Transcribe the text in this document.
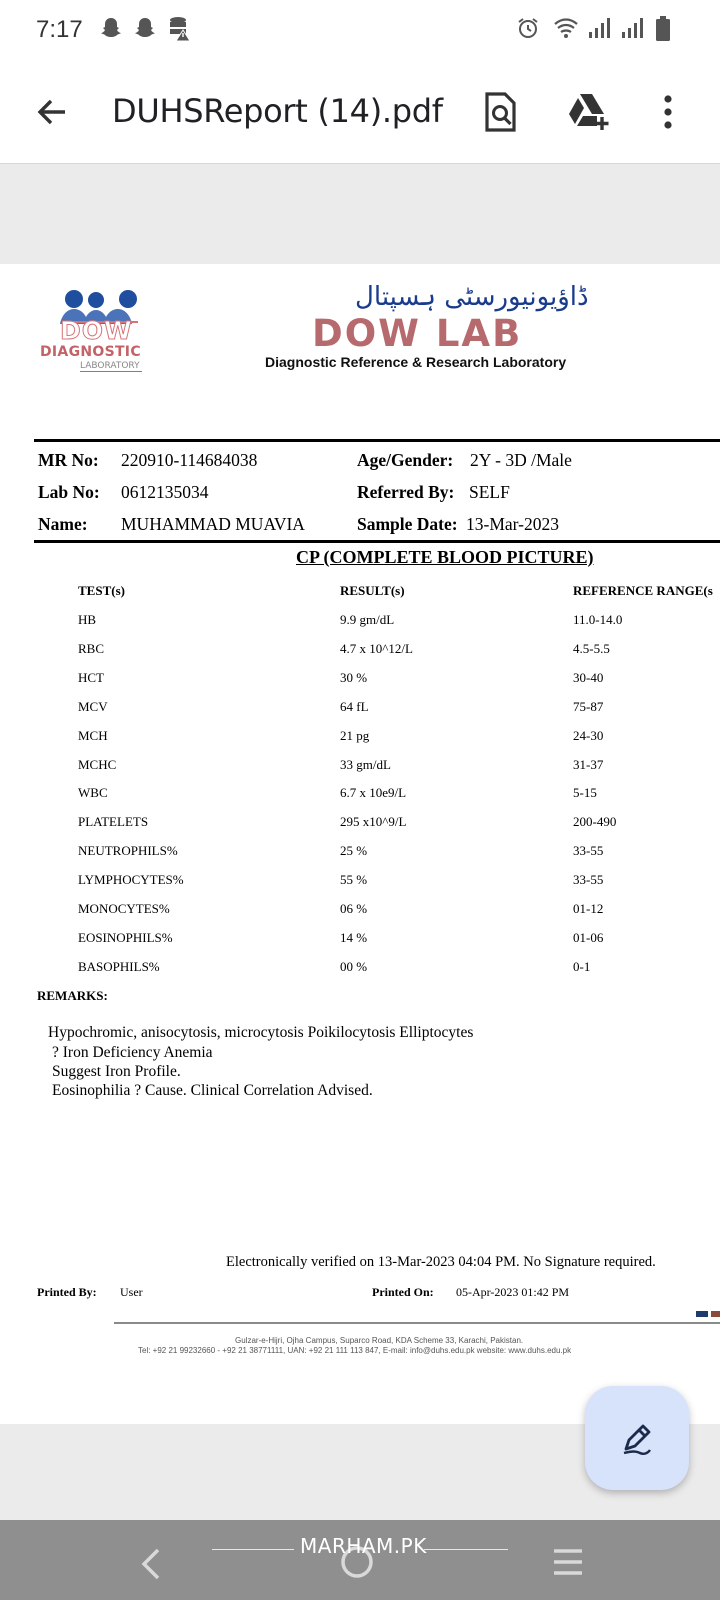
7:17
DUHSReport (14).pdf
DOW
DIAGNOSTIC
LABORATORY
ڈاؤیونیورسٹی ہسپتال
DOW LAB
Diagnostic Reference & Research Laboratory
MR No: 220910-114684038
Lab No: 0612135034
Name: MUHAMMAD MUAVIA
Age/Gender: 2Y - 3D /Male
Referred By: SELF
Sample Date: 13-Mar-2023
CP (COMPLETE BLOOD PICTURE)
TEST(s)	RESULT(s)	REFERENCE RANGE(s
HB	9.9 gm/dL	11.0-14.0
RBC	4.7 x 10^12/L	4.5-5.5
HCT	30 %	30-40
MCV	64 fL	75-87
MCH	21 pg	24-30
MCHC	33 gm/dL	31-37
WBC	6.7 x 10e9/L	5-15
PLATELETS	295 x10^9/L	200-490
NEUTROPHILS%	25 %	33-55
LYMPHOCYTES%	55 %	33-55
MONOCYTES%	06 %	01-12
EOSINOPHILS%	14 %	01-06
BASOPHILS%	00 %	0-1
REMARKS:
Hypochromic, anisocytosis, microcytosis Poikilocytosis Elliptocytes
? Iron Deficiency Anemia
Suggest Iron Profile.
Eosinophilia ? Cause. Clinical Correlation Advised.
Electronically verified on 13-Mar-2023 04:04 PM. No Signature required.
Printed By: User	Printed On: 05-Apr-2023 01:42 PM
Gulzar-e-Hijri, Ojha Campus, Suparco Road, KDA Scheme 33, Karachi, Pakistan.
Tel: +92 21 99232660 - +92 21 38771111, UAN: +92 21 111 113 847, E-mail: info@duhs.edu.pk website: www.duhs.edu.pk
MARHAM.PK
